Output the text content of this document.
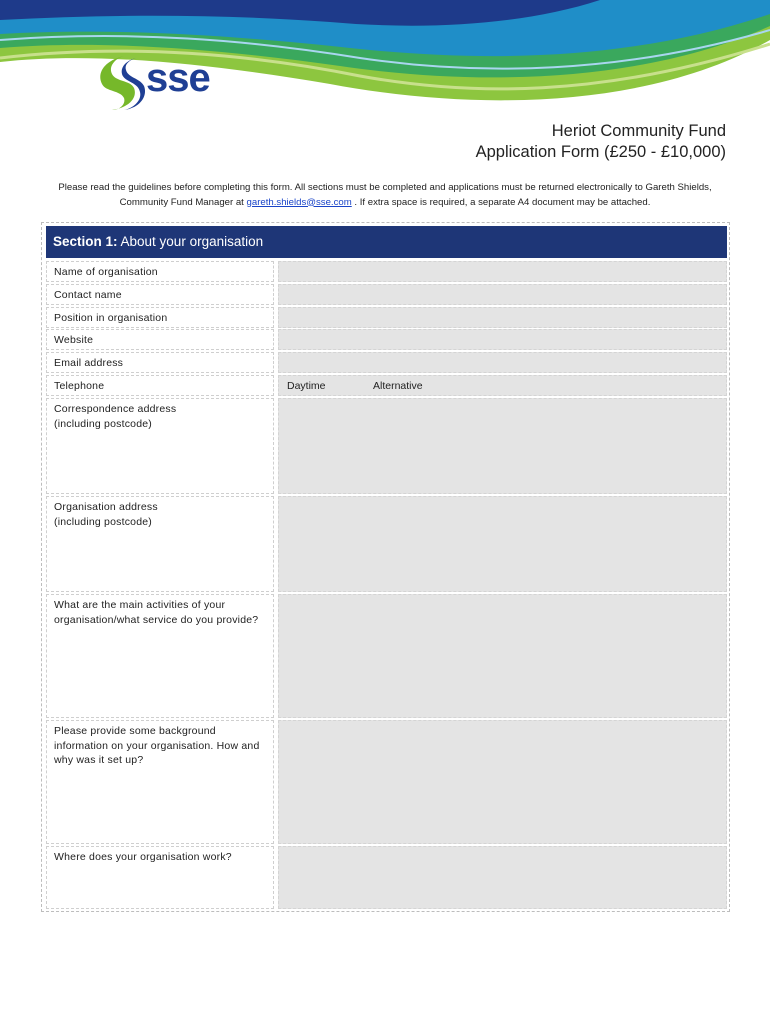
sse
Heriot Community Fund
Application Form (£250 - £10,000)
Please read the guidelines before completing this form. All sections must be completed and applications must be returned electronically to Gareth Shields, Community Fund Manager at gareth.shields@sse.com . If extra space is required, a separate A4 document may be attached.
Section 1: About your organisation
Name of organisation
Contact name
Position in organisation
Website
Email address
Telephone	Daytime	Alternative
Correspondence address
(including postcode)
Organisation address
(including postcode)
What are the main activities of your organisation/what service do you provide?
Please provide some background information on your organisation. How and why was it set up?
Where does your organisation work?
